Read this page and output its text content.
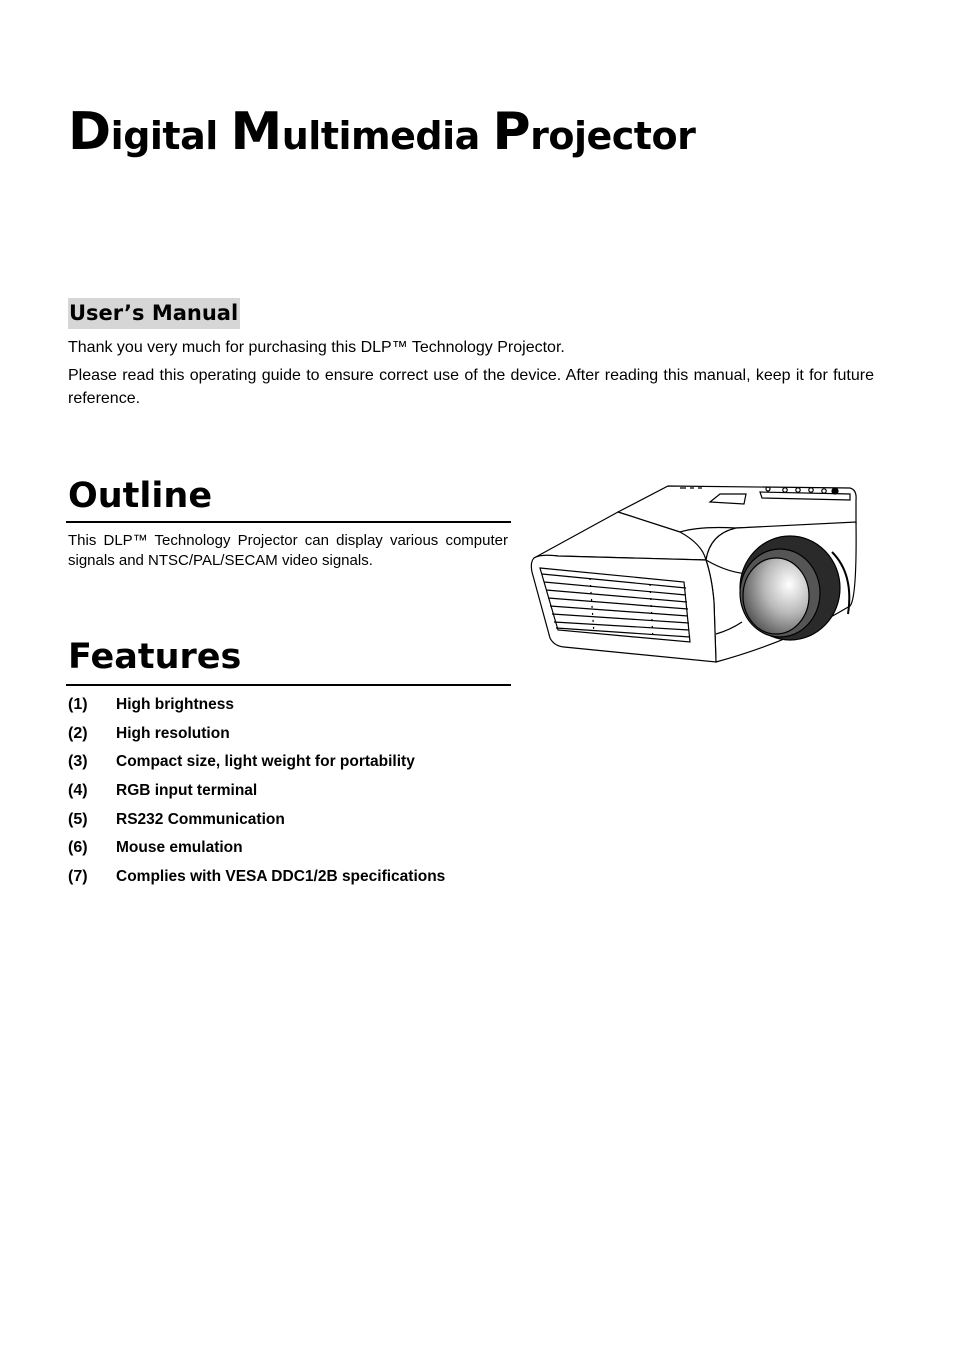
Digital Multimedia Projector
User’s Manual

Thank you very much for purchasing this DLP™ Technology Projector.

Please read this operating guide to ensure correct use of the device. After reading this manual, keep it for future reference.

Outline

This DLP™ Technology Projector can display various computer signals and NTSC/PAL/SECAM video signals.

Features
(1) High brightness
(2) High resolution
(3) Compact size, light weight for portability
(4) RGB input terminal
(5) RS232 Communication
(6) Mouse emulation
(7) Complies with VESA DDC1/2B specifications
